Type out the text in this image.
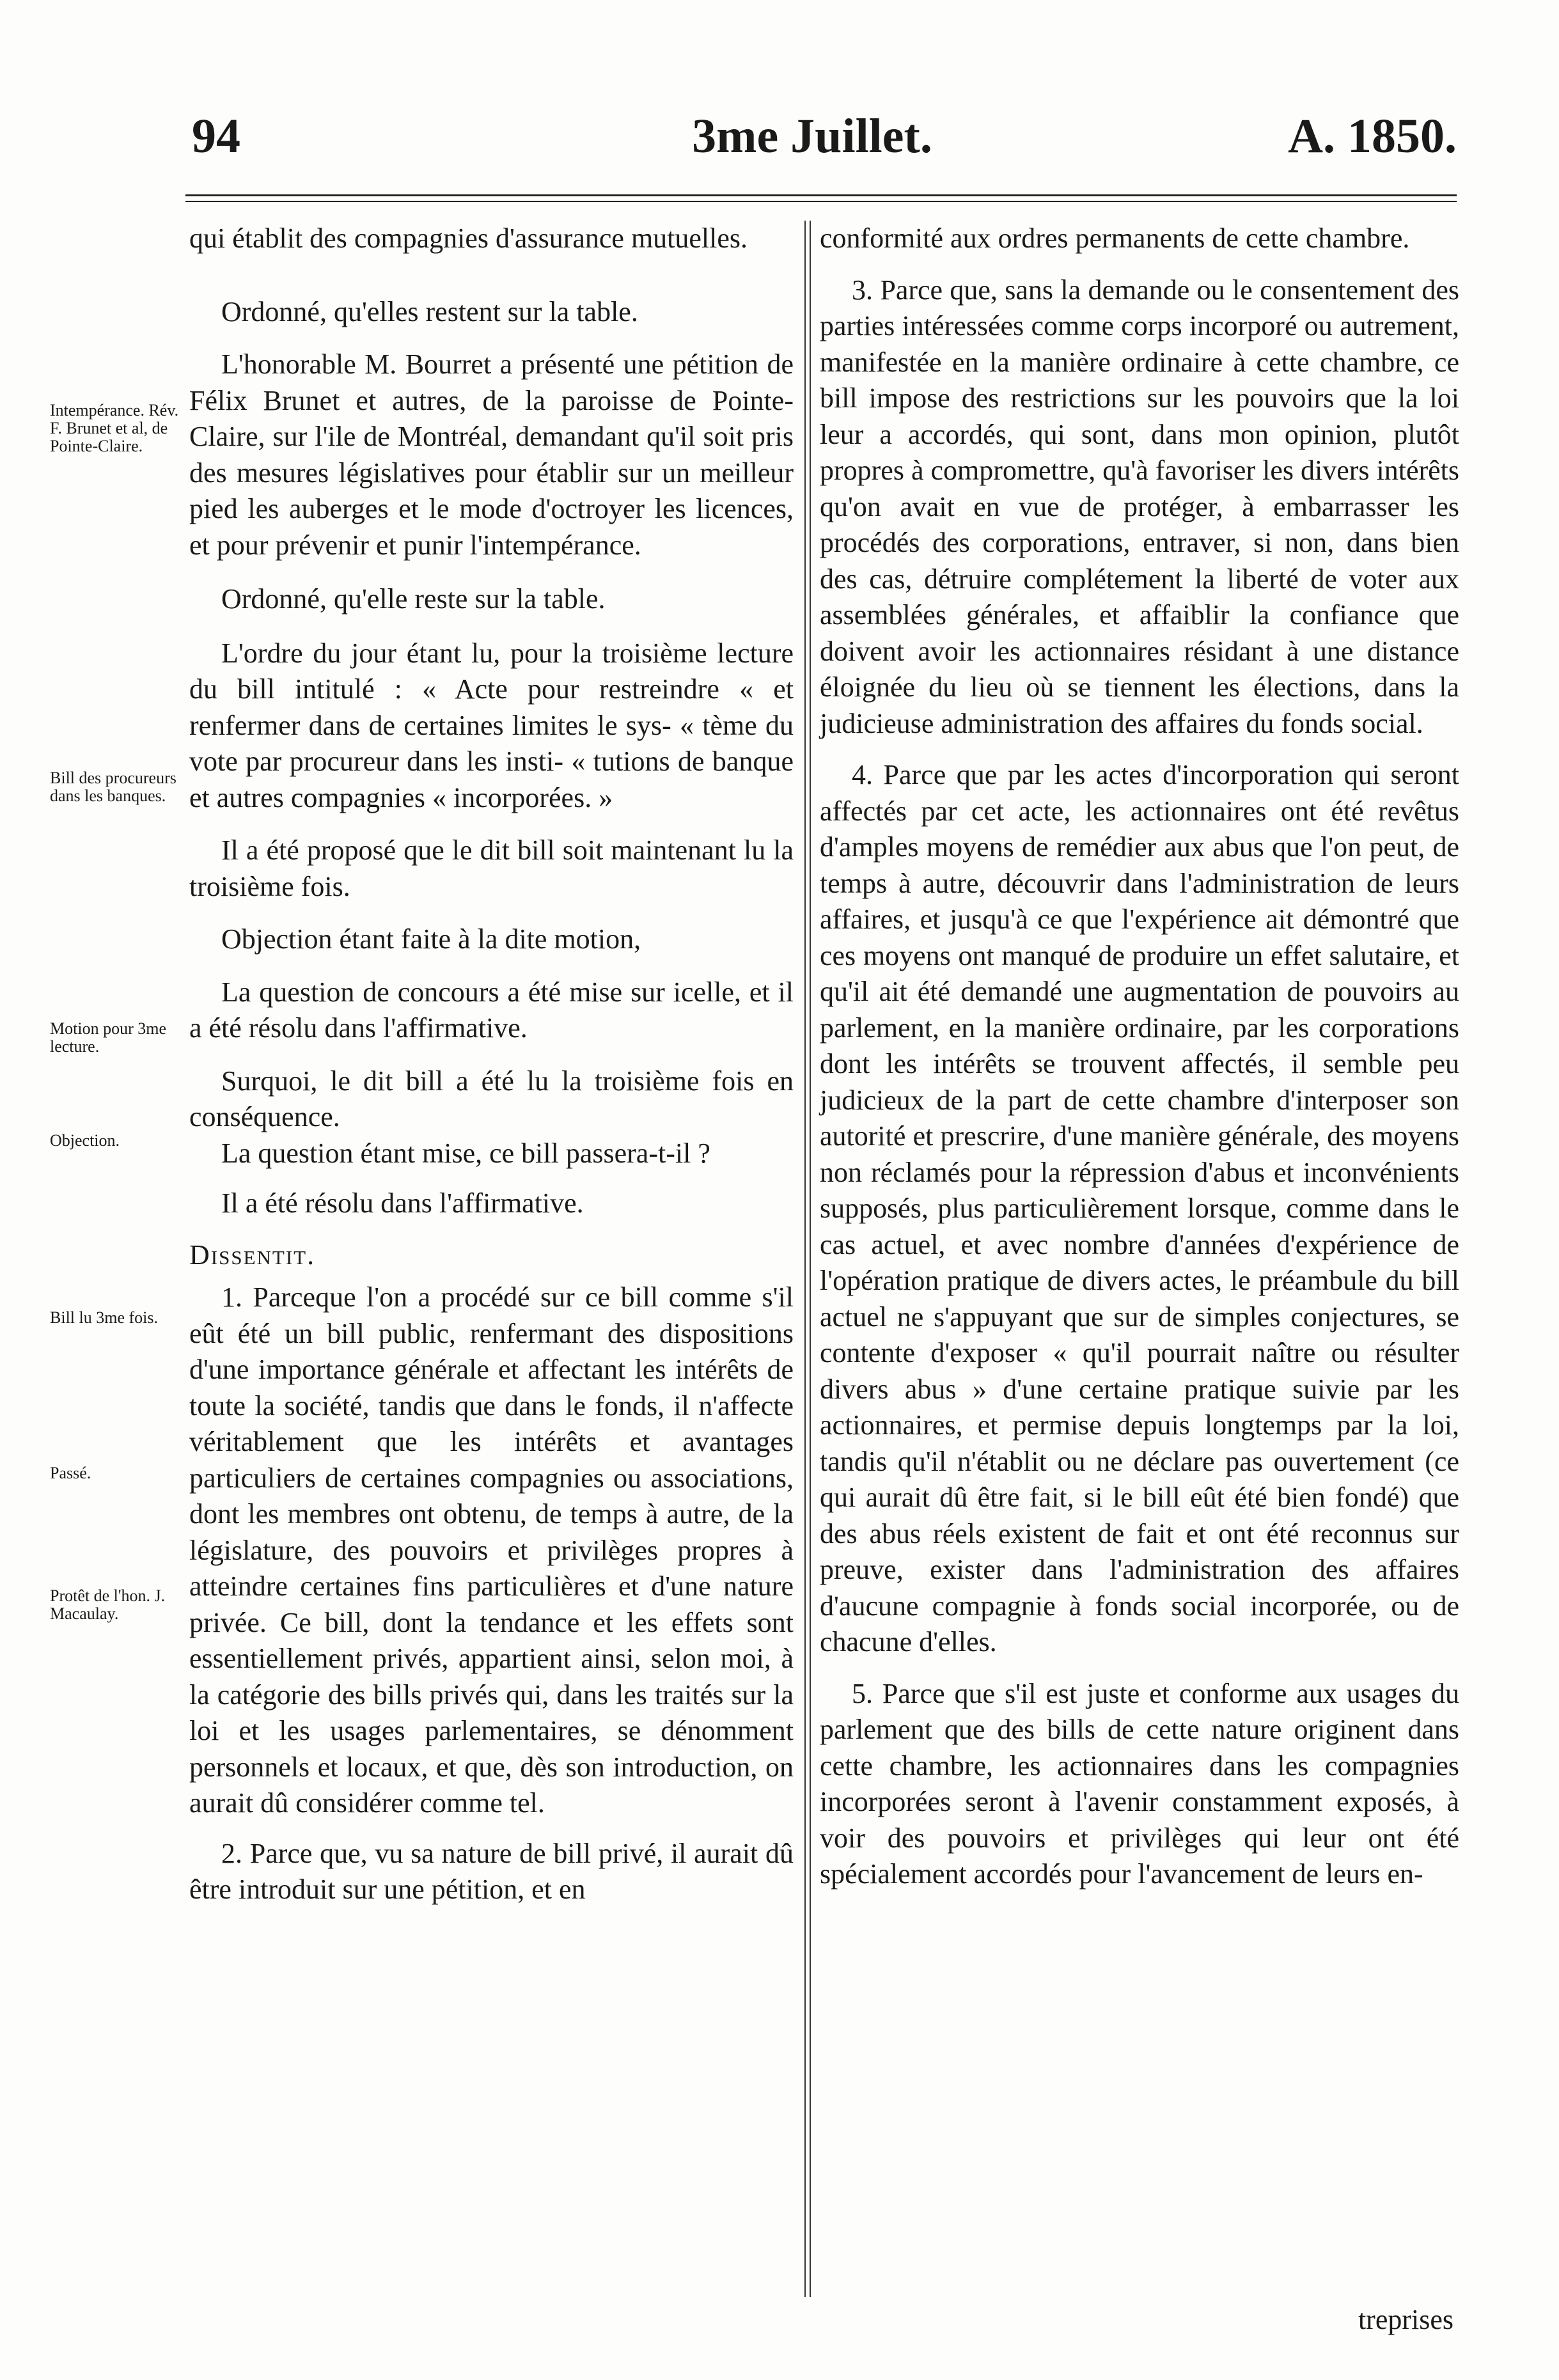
94	3me Juillet.	A. 1850.
Intempérance. Rév. F. Brunet et al, de Pointe-Claire.
Bill des procureurs dans les banques.
Motion pour 3me lecture.
Objection.
Bill lu 3me fois.
Passé.
Protêt de l'hon. J. Macaulay.

qui établit des compagnies d'assurance mutuelles.

Ordonné, qu'elles restent sur la table.

L'honorable M. Bourret a présenté une pétition de Félix Brunet et autres, de la paroisse de Pointe-Claire, sur l'ile de Montréal, demandant qu'il soit pris des mesures législatives pour établir sur un meilleur pied les auberges et le mode d'octroyer les licences, et pour prévenir et punir l'intempérance.

Ordonné, qu'elle reste sur la table.

L'ordre du jour étant lu, pour la troisième lecture du bill intitulé : « Acte pour restreindre « et renfermer dans de certaines limites le sys- « tème du vote par procureur dans les insti- « tutions de banque et autres compagnies « incorporées. »

Il a été proposé que le dit bill soit maintenant lu la troisième fois.

Objection étant faite à la dite motion,

La question de concours a été mise sur icelle, et il a été résolu dans l'affirmative.

Surquoi, le dit bill a été lu la troisième fois en conséquence.

La question étant mise, ce bill passera-t-il ?

Il a été résolu dans l'affirmative.

Dissentit.

1. Parceque l'on a procédé sur ce bill comme s'il eût été un bill public, renfermant des dispositions d'une importance générale et affectant les intérêts de toute la société, tandis que dans le fonds, il n'affecte véritablement que les intérêts et avantages particuliers de certaines compagnies ou associations, dont les membres ont obtenu, de temps à autre, de la législature, des pouvoirs et privilèges propres à atteindre certaines fins particulières et d'une nature privée. Ce bill, dont la tendance et les effets sont essentiellement privés, appartient ainsi, selon moi, à la catégorie des bills privés qui, dans les traités sur la loi et les usages parlementaires, se dénomment personnels et locaux, et que, dès son introduction, on aurait dû considérer comme tel.

2. Parce que, vu sa nature de bill privé, il aurait dû être introduit sur une pétition, et en

conformité aux ordres permanents de cette chambre.

3. Parce que, sans la demande ou le consentement des parties intéressées comme corps incorporé ou autrement, manifestée en la manière ordinaire à cette chambre, ce bill impose des restrictions sur les pouvoirs que la loi leur a accordés, qui sont, dans mon opinion, plutôt propres à compromettre, qu'à favoriser les divers intérêts qu'on avait en vue de protéger, à embarrasser les procédés des corporations, entraver, si non, dans bien des cas, détruire complétement la liberté de voter aux assemblées générales, et affaiblir la confiance que doivent avoir les actionnaires résidant à une distance éloignée du lieu où se tiennent les élections, dans la judicieuse administration des affaires du fonds social.

4. Parce que par les actes d'incorporation qui seront affectés par cet acte, les actionnaires ont été revêtus d'amples moyens de remédier aux abus que l'on peut, de temps à autre, découvrir dans l'administration de leurs affaires, et jusqu'à ce que l'expérience ait démontré que ces moyens ont manqué de produire un effet salutaire, et qu'il ait été demandé une augmentation de pouvoirs au parlement, en la manière ordinaire, par les corporations dont les intérêts se trouvent affectés, il semble peu judicieux de la part de cette chambre d'interposer son autorité et prescrire, d'une manière générale, des moyens non réclamés pour la répression d'abus et inconvénients supposés, plus particulièrement lorsque, comme dans le cas actuel, et avec nombre d'années d'expérience de l'opération pratique de divers actes, le préambule du bill actuel ne s'appuyant que sur de simples conjectures, se contente d'exposer « qu'il pourrait naître ou résulter divers abus » d'une certaine pratique suivie par les actionnaires, et permise depuis longtemps par la loi, tandis qu'il n'établit ou ne déclare pas ouvertement (ce qui aurait dû être fait, si le bill eût été bien fondé) que des abus réels existent de fait et ont été reconnus sur preuve, exister dans l'administration des affaires d'aucune compagnie à fonds social incorporée, ou de chacune d'elles.

5. Parce que s'il est juste et conforme aux usages du parlement que des bills de cette nature originent dans cette chambre, les actionnaires dans les compagnies incorporées seront à l'avenir constamment exposés, à voir des pouvoirs et privilèges qui leur ont été spécialement accordés pour l'avancement de leurs en-

treprises
